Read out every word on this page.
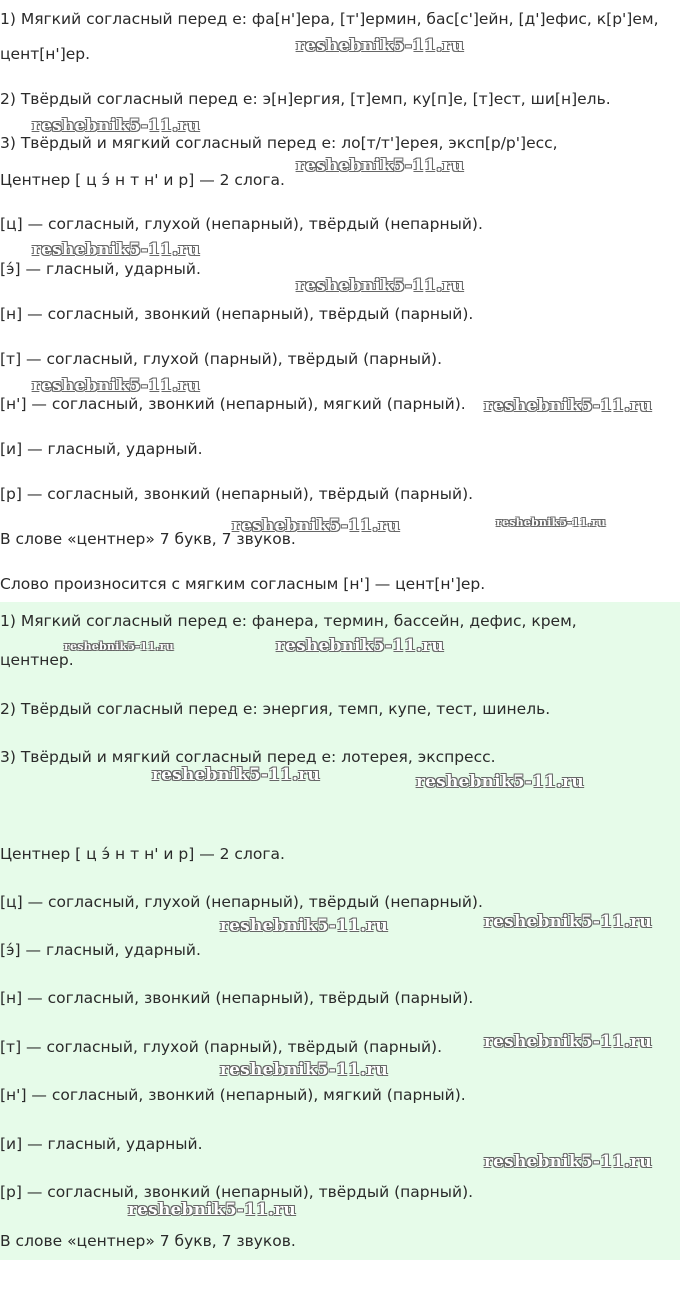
1) Мягкий согласный перед е: фа[н']ера, [т']ермин, бас[с']ейн, [д']ефис, к[р']ем,
цент[н']ер.
2) Твёрдый согласный перед е: э[н]ергия, [т]емп, ку[п]е, [т]ест, ши[н]ель.
3) Твёрдый и мягкий согласный перед е: ло[т/т']ерея, эксп[р/р']есс,
Центнер [ ц э́ н т н' и р] — 2 слога.
[ц] — согласный, глухой (непарный), твёрдый (непарный).
[э́] — гласный, ударный.
[н] — согласный, звонкий (непарный), твёрдый (парный).
[т] — согласный, глухой (парный), твёрдый (парный).
[н'] — согласный, звонкий (непарный), мягкий (парный).
[и] — гласный, ударный.
[р] — согласный, звонкий (непарный), твёрдый (парный).
В слове «центнер» 7 букв, 7 звуков.
Слово произносится с мягким согласным [н'] — цент[н']ер.
1) Мягкий согласный перед е: фанера, термин, бассейн, дефис, крем,
центнер.
2) Твёрдый согласный перед е: энергия, темп, купе, тест, шинель.
3) Твёрдый и мягкий согласный перед е: лотерея, экспресс.
Центнер [ ц э́ н т н' и р] — 2 слога.
[ц] — согласный, глухой (непарный), твёрдый (непарный).
[э́] — гласный, ударный.
[н] — согласный, звонкий (непарный), твёрдый (парный).
[т] — согласный, глухой (парный), твёрдый (парный).
[н'] — согласный, звонкий (непарный), мягкий (парный).
[и] — гласный, ударный.
[р] — согласный, звонкий (непарный), твёрдый (парный).
В слове «центнер» 7 букв, 7 звуков.
reshebnik5-11.ru
reshebnik5-11.ru
reshebnik5-11.ru
reshebnik5-11.ru
reshebnik5-11.ru
reshebnik5-11.ru
reshebnik5-11.ru
reshebnik5-11.ru	reshebnik5-11.ru
reshebnik5-11.ru	reshebnik5-11.ru
reshebnik5-11.ru	reshebnik5-11.ru
reshebnik5-11.ru	reshebnik5-11.ru
reshebnik5-11.ru
reshebnik5-11.ru
reshebnik5-11.ru
reshebnik5-11.ru
